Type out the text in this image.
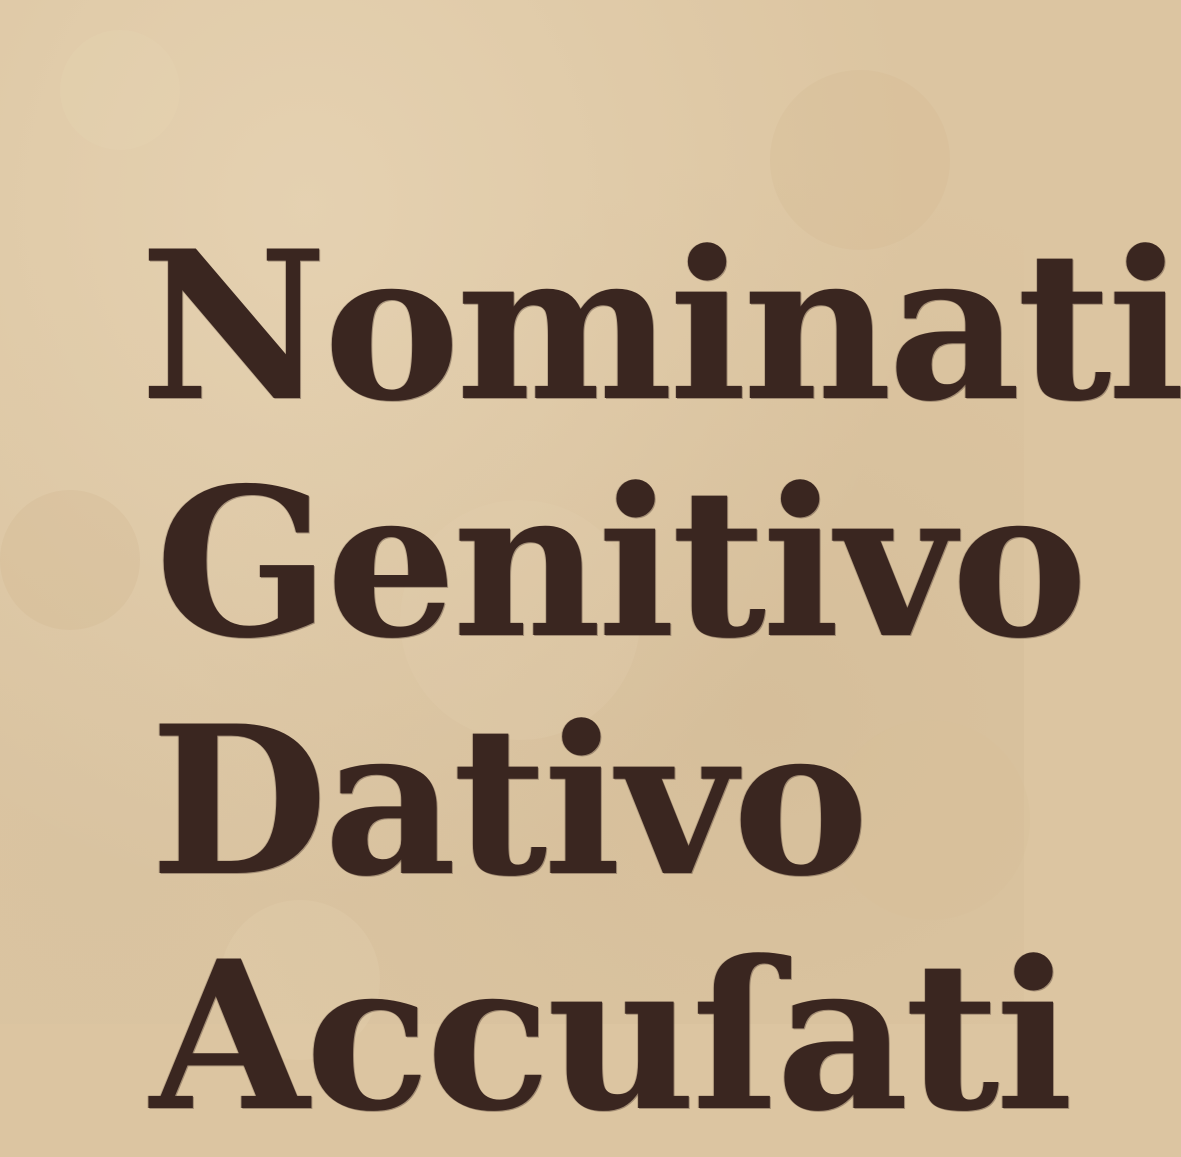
Nominati

Genitivo

Dativo

Accuſati
